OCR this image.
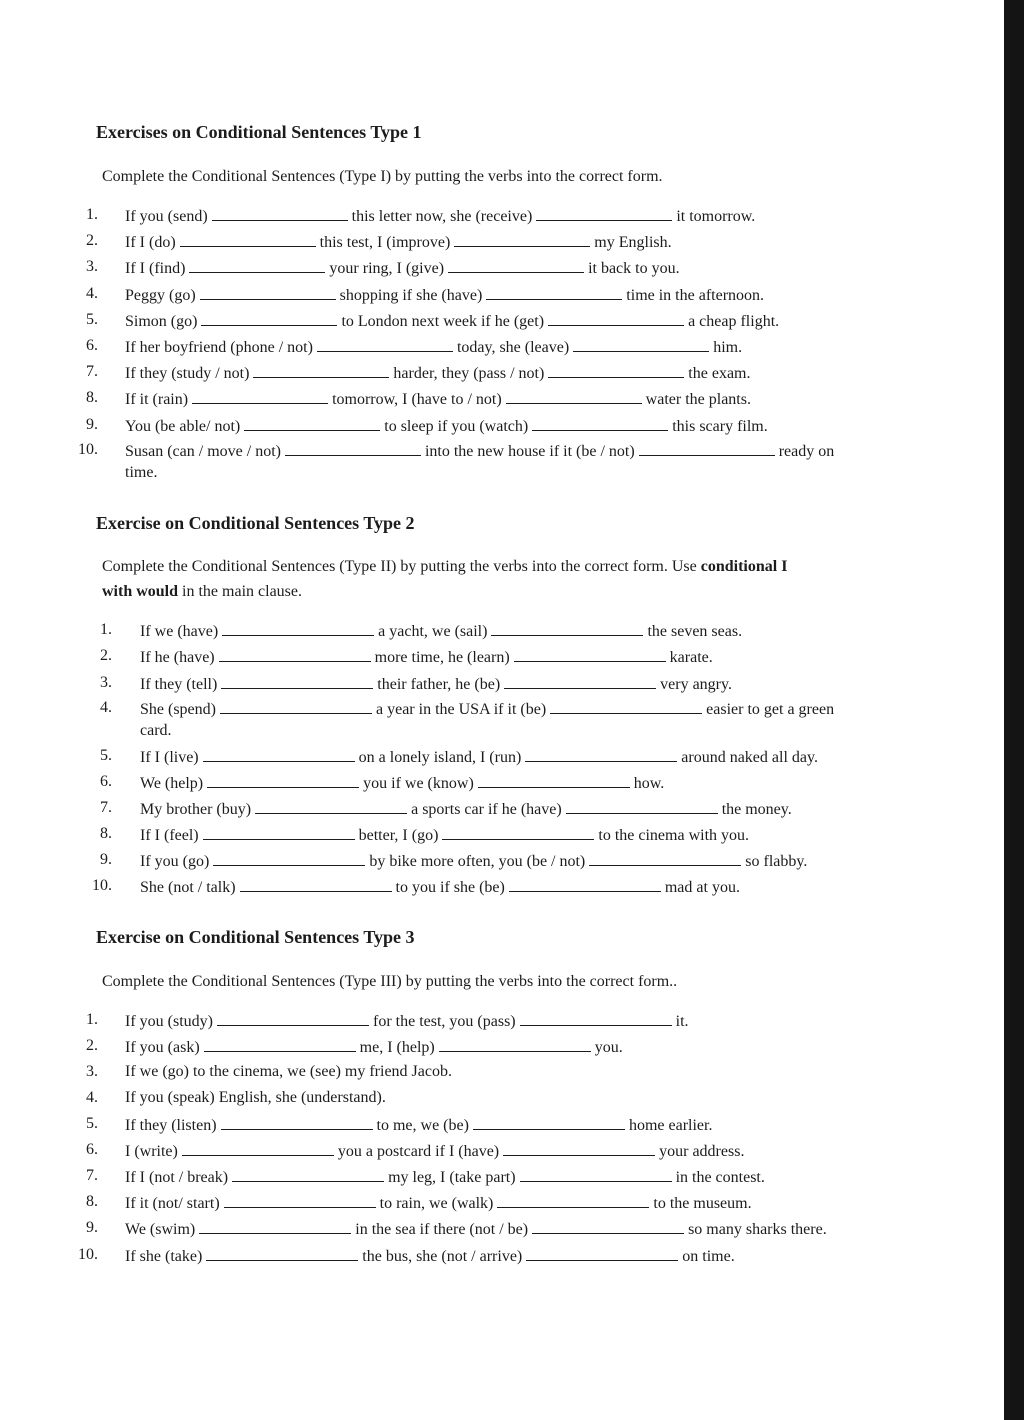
Exercises on Conditional Sentences Type 1
Complete the Conditional Sentences (Type I) by putting the verbs into the correct form.
1. If you (send)	this letter now, she (receive)	it tomorrow.
2. If I (do)	this test, I (improve)	my English.
3. If I (find)	your ring, I (give)	it back to you.
4. Peggy (go)	shopping if she (have)	time in the afternoon.
5. Simon (go)	to London next week if he (get)	a cheap flight.
6. If her boyfriend (phone / not)	today, she (leave)	him.
7. If they (study / not)	harder, they (pass / not)	the exam.
8. If it (rain)	tomorrow, I (have to / not)	water the plants.
9. You (be able/ not)	to sleep if you (watch)	this scary film.
10. Susan (can / move / not)	into the new house if it (be / not)	ready on
time.
Exercise on Conditional Sentences Type 2
Complete the Conditional Sentences (Type II) by putting the verbs into the correct form. Use conditional I
with would in the main clause.
1. If we (have)	a yacht, we (sail)	the seven seas.
2. If he (have)	more time, he (learn)	karate.
3. If they (tell)	their father, he (be)	very angry.
4. She (spend)	a year in the USA if it (be)	easier to get a green
card.
5. If I (live)	on a lonely island, I (run)	around naked all day.
6. We (help)	you if we (know)	how.
7. My brother (buy)	a sports car if he (have)	the money.
8. If I (feel)	better, I (go)	to the cinema with you.
9. If you (go)	by bike more often, you (be / not)	so flabby.
10. She (not / talk)	to you if she (be)	mad at you.
Exercise on Conditional Sentences Type 3
Complete the Conditional Sentences (Type III) by putting the verbs into the correct form..
1. If you (study)	for the test, you (pass)	it.
2. If you (ask)	me, I (help)	you.
3. If we (go) to the cinema, we (see) my friend Jacob.
4. If you (speak) English, she (understand).
5. If they (listen)	to me, we (be)	home earlier.
6. I (write)	you a postcard if I (have)	your address.
7. If I (not / break)	my leg, I (take part)	in the contest.
8. If it (not/ start)	to rain, we (walk)	to the museum.
9. We (swim)	in the sea if there (not / be)	so many sharks there.
10. If she (take)	the bus, she (not / arrive)	on time.
